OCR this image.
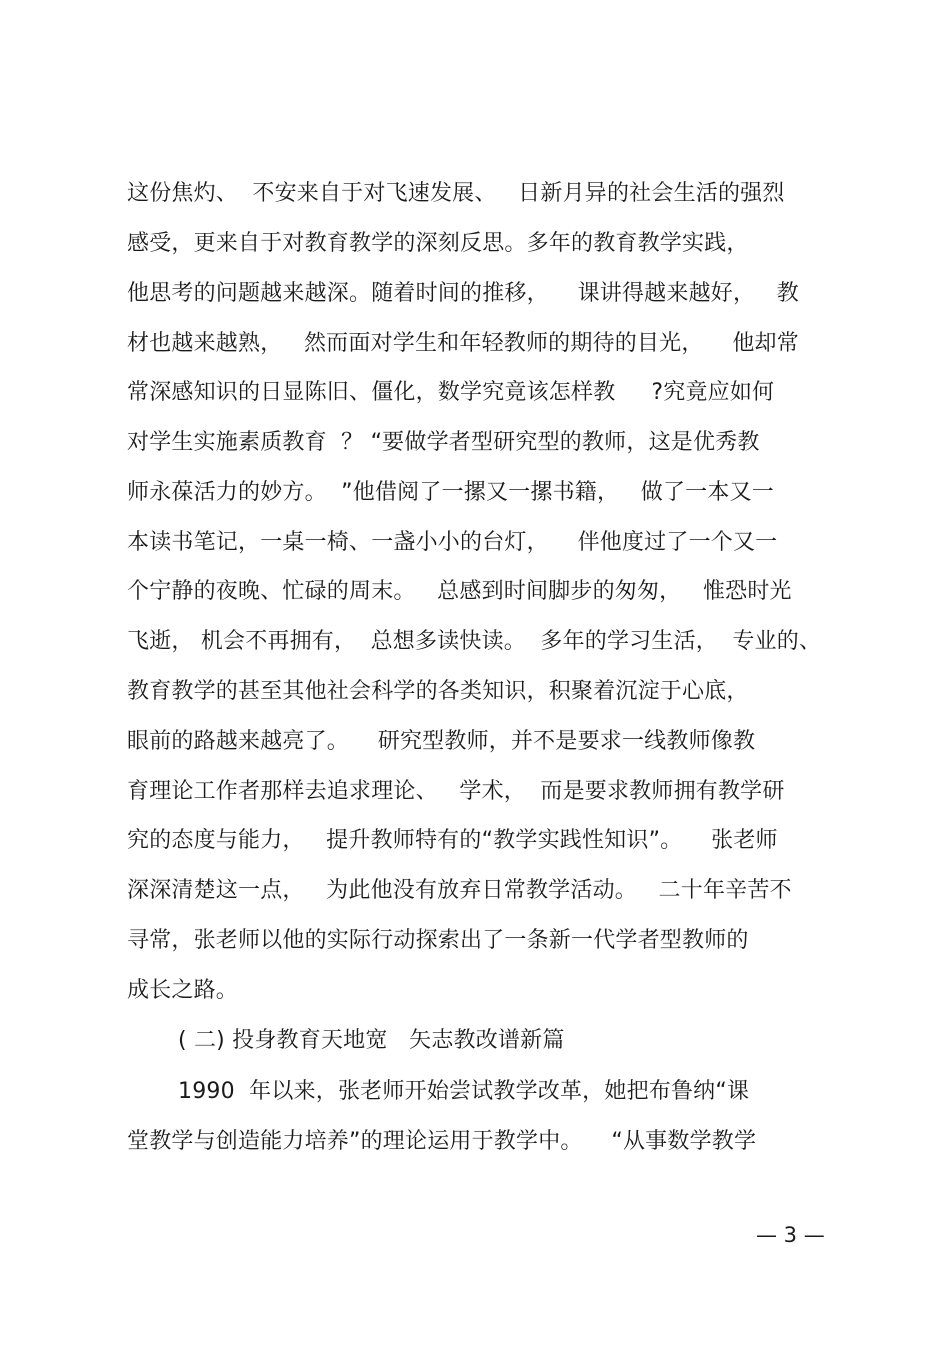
这份焦灼、  不安来自于对飞速发展、   日新月异的社会生活的强烈
感受，更来自于对教育教学的深刻反思。多年的教育教学实践，
他思考的问题越来越深。随着时间的推移，    课讲得越来越好，   教
材也越来越熟，   然而面对学生和年轻教师的期待的目光，    他却常
常深感知识的日显陈旧、僵化，数学究竟该怎样教     ?究竟应如何
对学生实施素质教育  ？ “要做学者型研究型的教师，这是优秀教
师永葆活力的妙方。  ”他借阅了一摞又一摞书籍，   做了一本又一
本读书笔记，一桌一椅、一盏小小的台灯，    伴他度过了一个又一
个宁静的夜晚、忙碌的周末。   总感到时间脚步的匆匆，   惟恐时光
飞逝， 机会不再拥有，  总想多读快读。  多年的学习生活，  专业的、
教育教学的甚至其他社会科学的各类知识，积聚着沉淀于心底，
眼前的路越来越亮了。    研究型教师，并不是要求一线教师像教
育理论工作者那样去追求理论、   学术，  而是要求教师拥有教学研
究的态度与能力，   提升教师特有的“教学实践性知识”。    张老师
深深清楚这一点，   为此他没有放弃日常教学活动。   二十年辛苦不
寻常，张老师以他的实际行动探索出了一条新一代学者型教师的
成长之路。
( 二) 投身教育天地宽   矢志教改谱新篇
1990  年以来，张老师开始尝试教学改革，她把布鲁纳“课
堂教学与创造能力培养”的理论运用于教学中。    “从事数学教学
— 3 —
